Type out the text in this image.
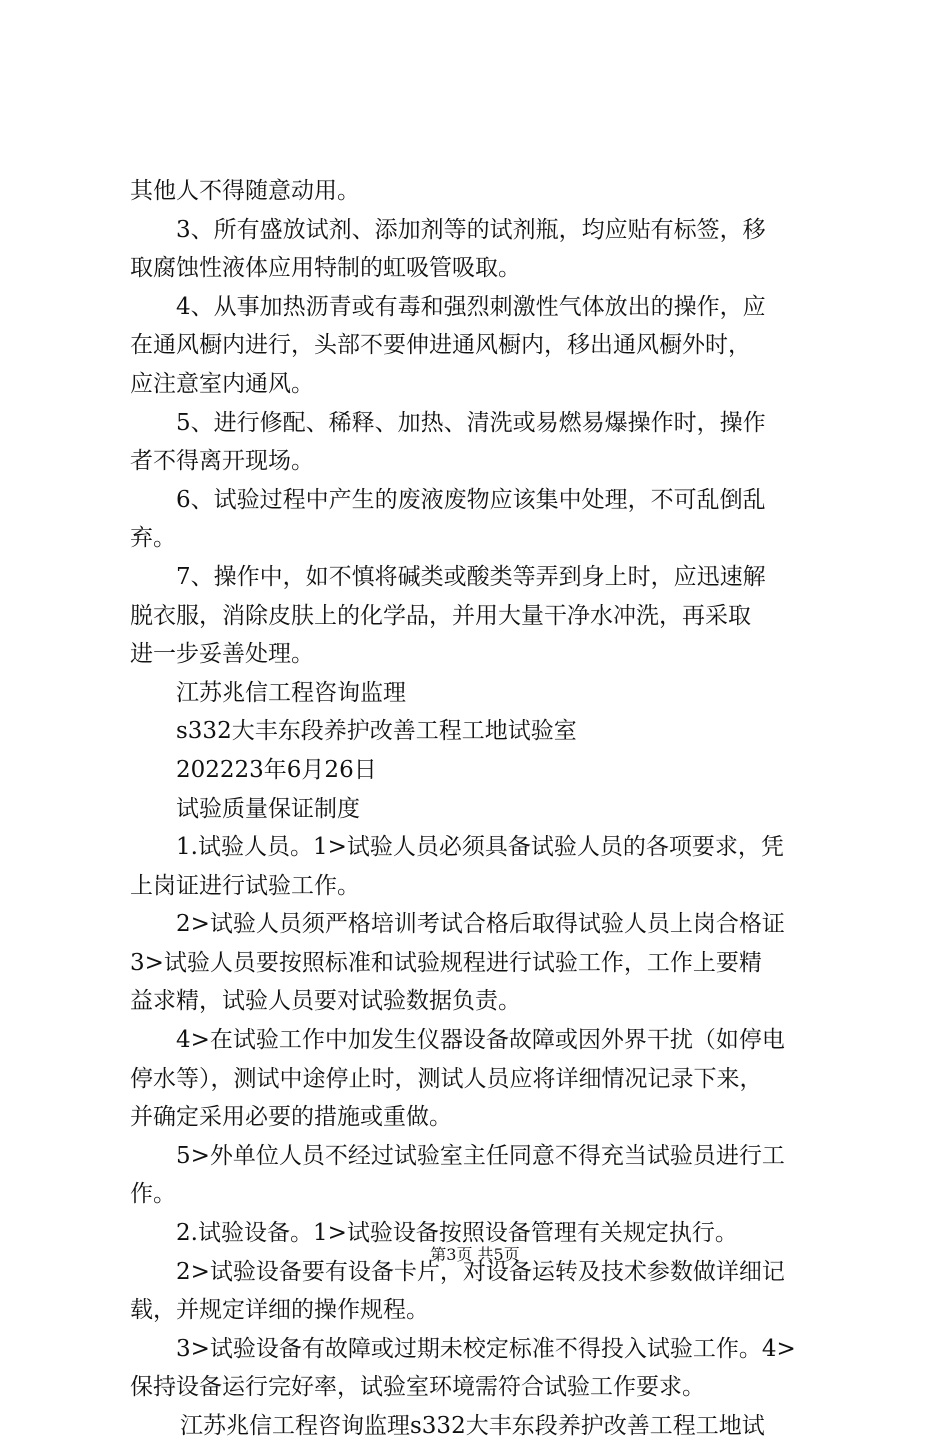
其他人不得随意动用。
3、所有盛放试剂、添加剂等的试剂瓶，均应贴有标签，移
取腐蚀性液体应用特制的虹吸管吸取。
4、从事加热沥青或有毒和强烈刺激性气体放出的操作，应
在通风橱内进行，头部不要伸进通风橱内，移出通风橱外时，
应注意室内通风。
5、进行修配、稀释、加热、清洗或易燃易爆操作时，操作
者不得离开现场。
6、试验过程中产生的废液废物应该集中处理，不可乱倒乱
弃。
7、操作中，如不慎将碱类或酸类等弄到身上时，应迅速解
脱衣服，消除皮肤上的化学品，并用大量干净水冲洗，再采取
进一步妥善处理。
江苏兆信工程咨询监理
s332大丰东段养护改善工程工地试验室
202223年6月26日
试验质量保证制度
1.试验人员。1>试验人员必须具备试验人员的各项要求，凭
上岗证进行试验工作。
2>试验人员须严格培训考试合格后取得试验人员上岗合格证
3>试验人员要按照标准和试验规程进行试验工作，工作上要精
益求精，试验人员要对试验数据负责。
4>在试验工作中加发生仪器设备故障或因外界干扰（如停电
停水等），测试中途停止时，测试人员应将详细情况记录下来，
并确定采用必要的措施或重做。
5>外单位人员不经过试验室主任同意不得充当试验员进行工
作。
2.试验设备。1>试验设备按照设备管理有关规定执行。
2>试验设备要有设备卡片，对设备运转及技术参数做详细记
载，并规定详细的操作规程。
3>试验设备有故障或过期未校定标准不得投入试验工作。4>
保持设备运行完好率，试验室环境需符合试验工作要求。
江苏兆信工程咨询监理s332大丰东段养护改善工程工地试
第3页 共5页
